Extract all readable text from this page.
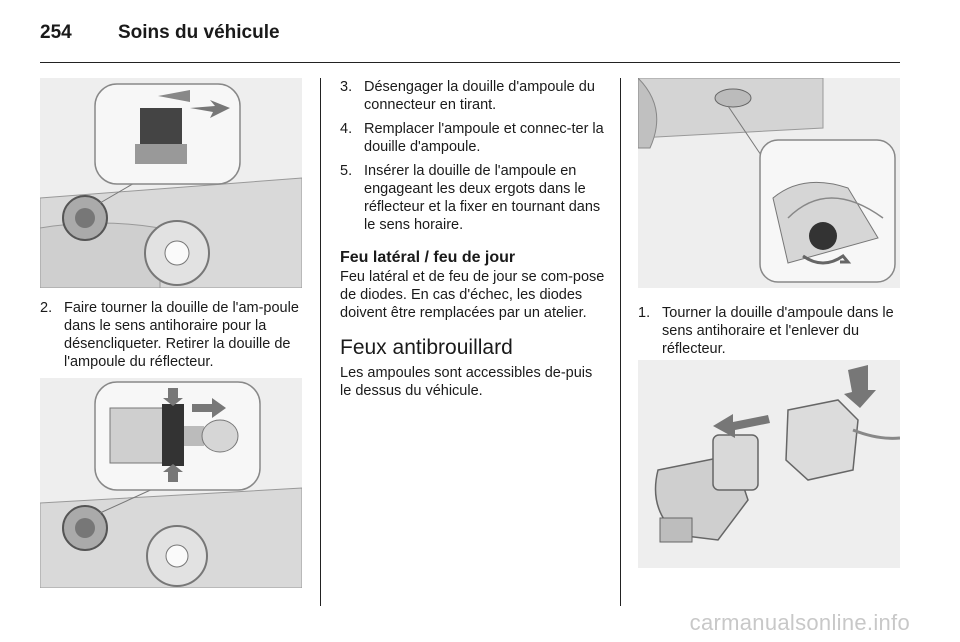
254 Soins du véhicule
2. Faire tourner la douille de l'am-poule dans le sens antihoraire pour la désencliqueter. Retirer la douille de l'ampoule du réflecteur.
3. Désengager la douille d'ampoule du connecteur en tirant.
4. Remplacer l'ampoule et connec-ter la douille d'ampoule.
5. Insérer la douille de l'ampoule en engageant les deux ergots dans le réflecteur et la fixer en tournant dans le sens horaire.
Feu latéral / feu de jour

Feu latéral et de feu de jour se com-pose de diodes. En cas d'échec, les diodes doivent être remplacées par un atelier.

Feux antibrouillard

Les ampoules sont accessibles de-puis le dessus du véhicule.

1. Tourner la douille d'ampoule dans le sens antihoraire et l'enlever du réflecteur.
carmanualsonline.info
